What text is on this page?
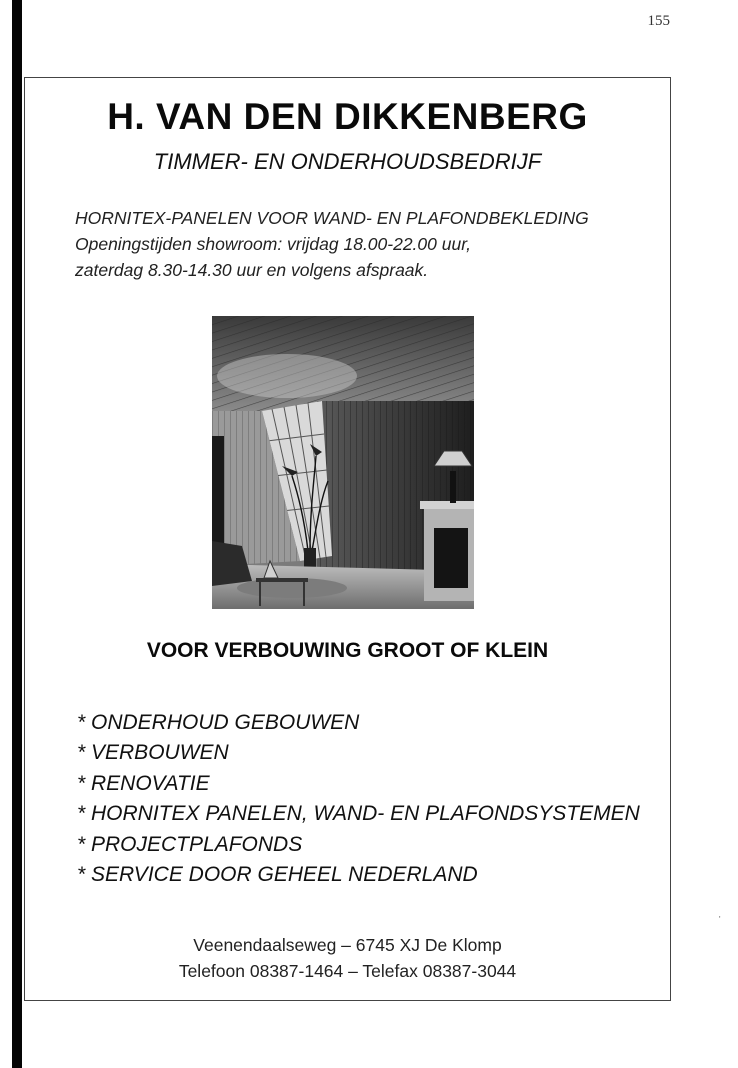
155
H. VAN DEN DIKKENBERG
TIMMER- EN ONDERHOUDSBEDRIJF
HORNITEX-PANELEN VOOR WAND- EN PLAFONDBEKLEDING
Openingstijden showroom: vrijdag 18.00-22.00 uur,
zaterdag 8.30-14.30 uur en volgens afspraak.
VOOR VERBOUWING GROOT OF KLEIN
* ONDERHOUD GEBOUWEN
* VERBOUWEN
* RENOVATIE
* HORNITEX PANELEN, WAND- EN PLAFONDSYSTEMEN
* PROJECTPLAFONDS
* SERVICE DOOR GEHEEL NEDERLAND
Veenendaalseweg – 6745 XJ De Klomp
Telefoon 08387-1464 – Telefax 08387-3044
'
